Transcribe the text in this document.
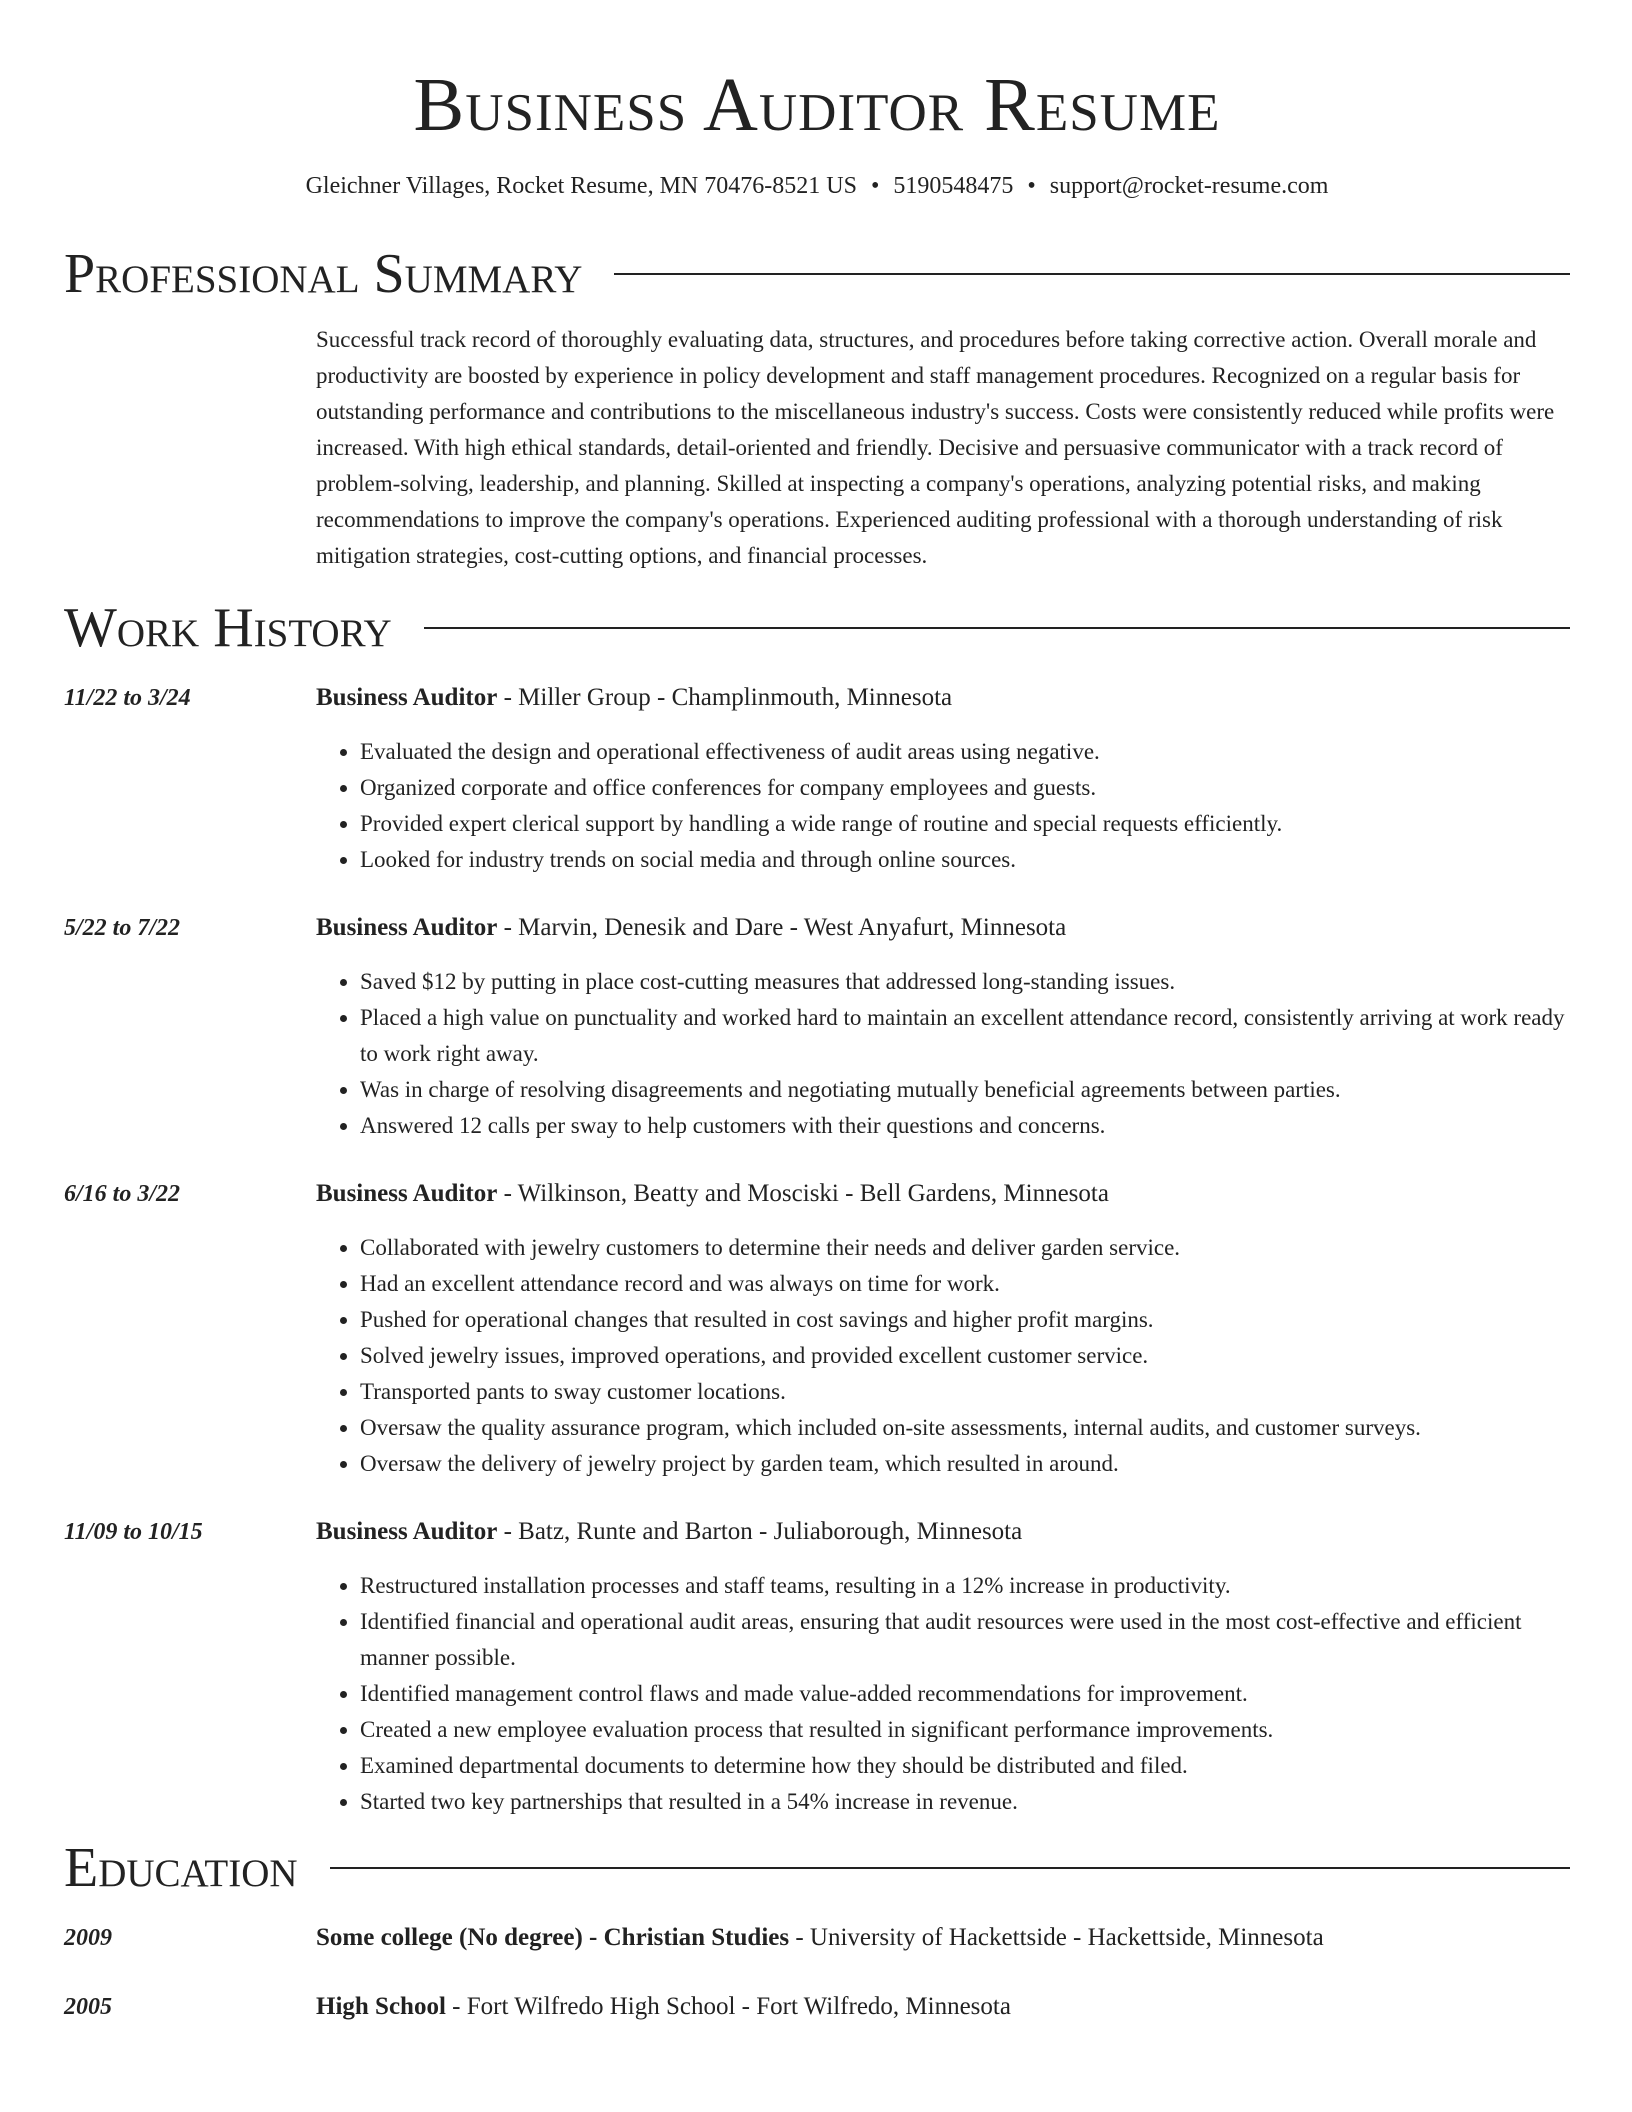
Business Auditor Resume
Gleichner Villages, Rocket Resume, MN 70476-8521 US • 5190548475 • support@rocket-resume.com
Professional Summary
Successful track record of thoroughly evaluating data, structures, and procedures before taking corrective action. Overall morale and productivity are boosted by experience in policy development and staff management procedures. Recognized on a regular basis for outstanding performance and contributions to the miscellaneous industry's success. Costs were consistently reduced while profits were increased. With high ethical standards, detail-oriented and friendly. Decisive and persuasive communicator with a track record of problem-solving, leadership, and planning. Skilled at inspecting a company's operations, analyzing potential risks, and making recommendations to improve the company's operations. Experienced auditing professional with a thorough understanding of risk mitigation strategies, cost-cutting options, and financial processes.
Work History
11/22 to 3/24	Business Auditor - Miller Group - Champlinmouth, Minnesota
• Evaluated the design and operational effectiveness of audit areas using negative.
• Organized corporate and office conferences for company employees and guests.
• Provided expert clerical support by handling a wide range of routine and special requests efficiently.
• Looked for industry trends on social media and through online sources.
5/22 to 7/22	Business Auditor - Marvin, Denesik and Dare - West Anyafurt, Minnesota
• Saved $12 by putting in place cost-cutting measures that addressed long-standing issues.
• Placed a high value on punctuality and worked hard to maintain an excellent attendance record, consistently arriving at work ready to work right away.
• Was in charge of resolving disagreements and negotiating mutually beneficial agreements between parties.
• Answered 12 calls per sway to help customers with their questions and concerns.
6/16 to 3/22	Business Auditor - Wilkinson, Beatty and Mosciski - Bell Gardens, Minnesota
• Collaborated with jewelry customers to determine their needs and deliver garden service.
• Had an excellent attendance record and was always on time for work.
• Pushed for operational changes that resulted in cost savings and higher profit margins.
• Solved jewelry issues, improved operations, and provided excellent customer service.
• Transported pants to sway customer locations.
• Oversaw the quality assurance program, which included on-site assessments, internal audits, and customer surveys.
• Oversaw the delivery of jewelry project by garden team, which resulted in around.
11/09 to 10/15	Business Auditor - Batz, Runte and Barton - Juliaborough, Minnesota
• Restructured installation processes and staff teams, resulting in a 12% increase in productivity.
• Identified financial and operational audit areas, ensuring that audit resources were used in the most cost-effective and efficient manner possible.
• Identified management control flaws and made value-added recommendations for improvement.
• Created a new employee evaluation process that resulted in significant performance improvements.
• Examined departmental documents to determine how they should be distributed and filed.
• Started two key partnerships that resulted in a 54% increase in revenue.
Education
2009	Some college (No degree) - Christian Studies - University of Hackettside - Hackettside, Minnesota
2005	High School - Fort Wilfredo High School - Fort Wilfredo, Minnesota
